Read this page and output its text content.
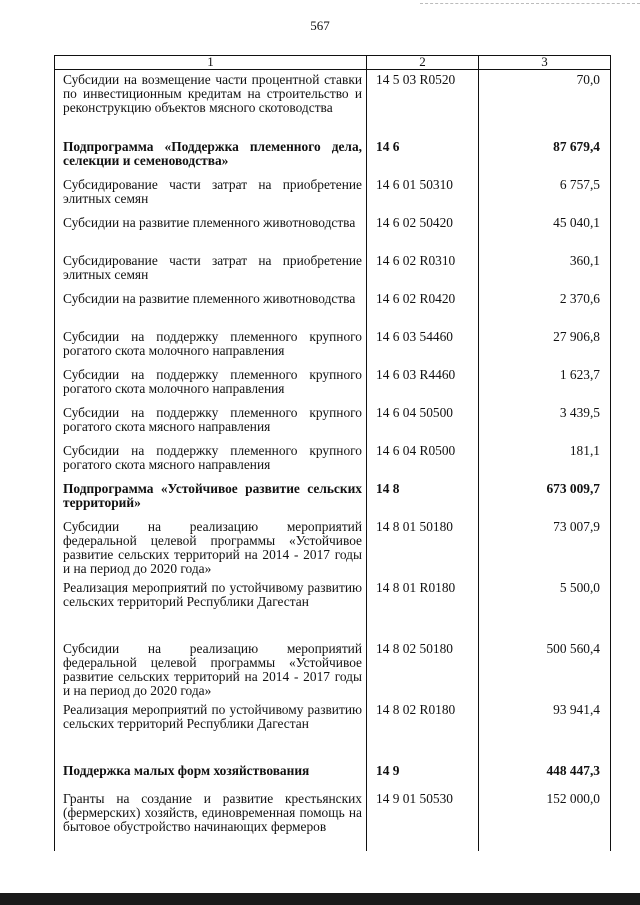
567
1	2	3

Субсидии на возмещение части процентной ставки по инвестиционным кредитам на строительство и реконструкцию объектов мясного скотоводства	14 5 03 R0520	70,0

Подпрограмма «Поддержка племенного дела, селекции и семеноводства»	14 6	87 679,4

Субсидирование части затрат на приобретение элитных семян	14 6 01 50310	6 757,5

Субсидии на развитие племенного животноводства	14 6 02 50420	45 040,1

Субсидирование части затрат на приобретение элитных семян	14 6 02 R0310	360,1

Субсидии на развитие племенного животноводства	14 6 02 R0420	2 370,6

Субсидии на поддержку племенного крупного рогатого скота молочного направления	14 6 03 54460	27 906,8

Субсидии на поддержку племенного крупного рогатого скота молочного направления	14 6 03 R4460	1 623,7

Субсидии на поддержку племенного крупного рогатого скота мясного направления	14 6 04 50500	3 439,5

Субсидии на поддержку племенного крупного рогатого скота мясного направления	14 6 04 R0500	181,1

Подпрограмма «Устойчивое развитие сельских территорий»	14 8	673 009,7

Субсидии на реализацию мероприятий федеральной целевой программы «Устойчивое развитие сельских территорий на 2014 - 2017 годы и на период до 2020 года»	14 8 01 50180	73 007,9

Реализация мероприятий по устойчивому развитию сельских территорий Республики Дагестан	14 8 01 R0180	5 500,0

Субсидии на реализацию мероприятий федеральной целевой программы «Устойчивое развитие сельских территорий на 2014 - 2017 годы и на период до 2020 года»	14 8 02 50180	500 560,4

Реализация мероприятий по устойчивому развитию сельских территорий Республики Дагестан	14 8 02 R0180	93 941,4

Поддержка малых форм хозяйствования	14 9	448 447,3

Гранты на создание и развитие крестьянских (фермерских) хозяйств, единовременная помощь на бытовое обустройство начинающих фермеров	14 9 01 50530	152 000,0
